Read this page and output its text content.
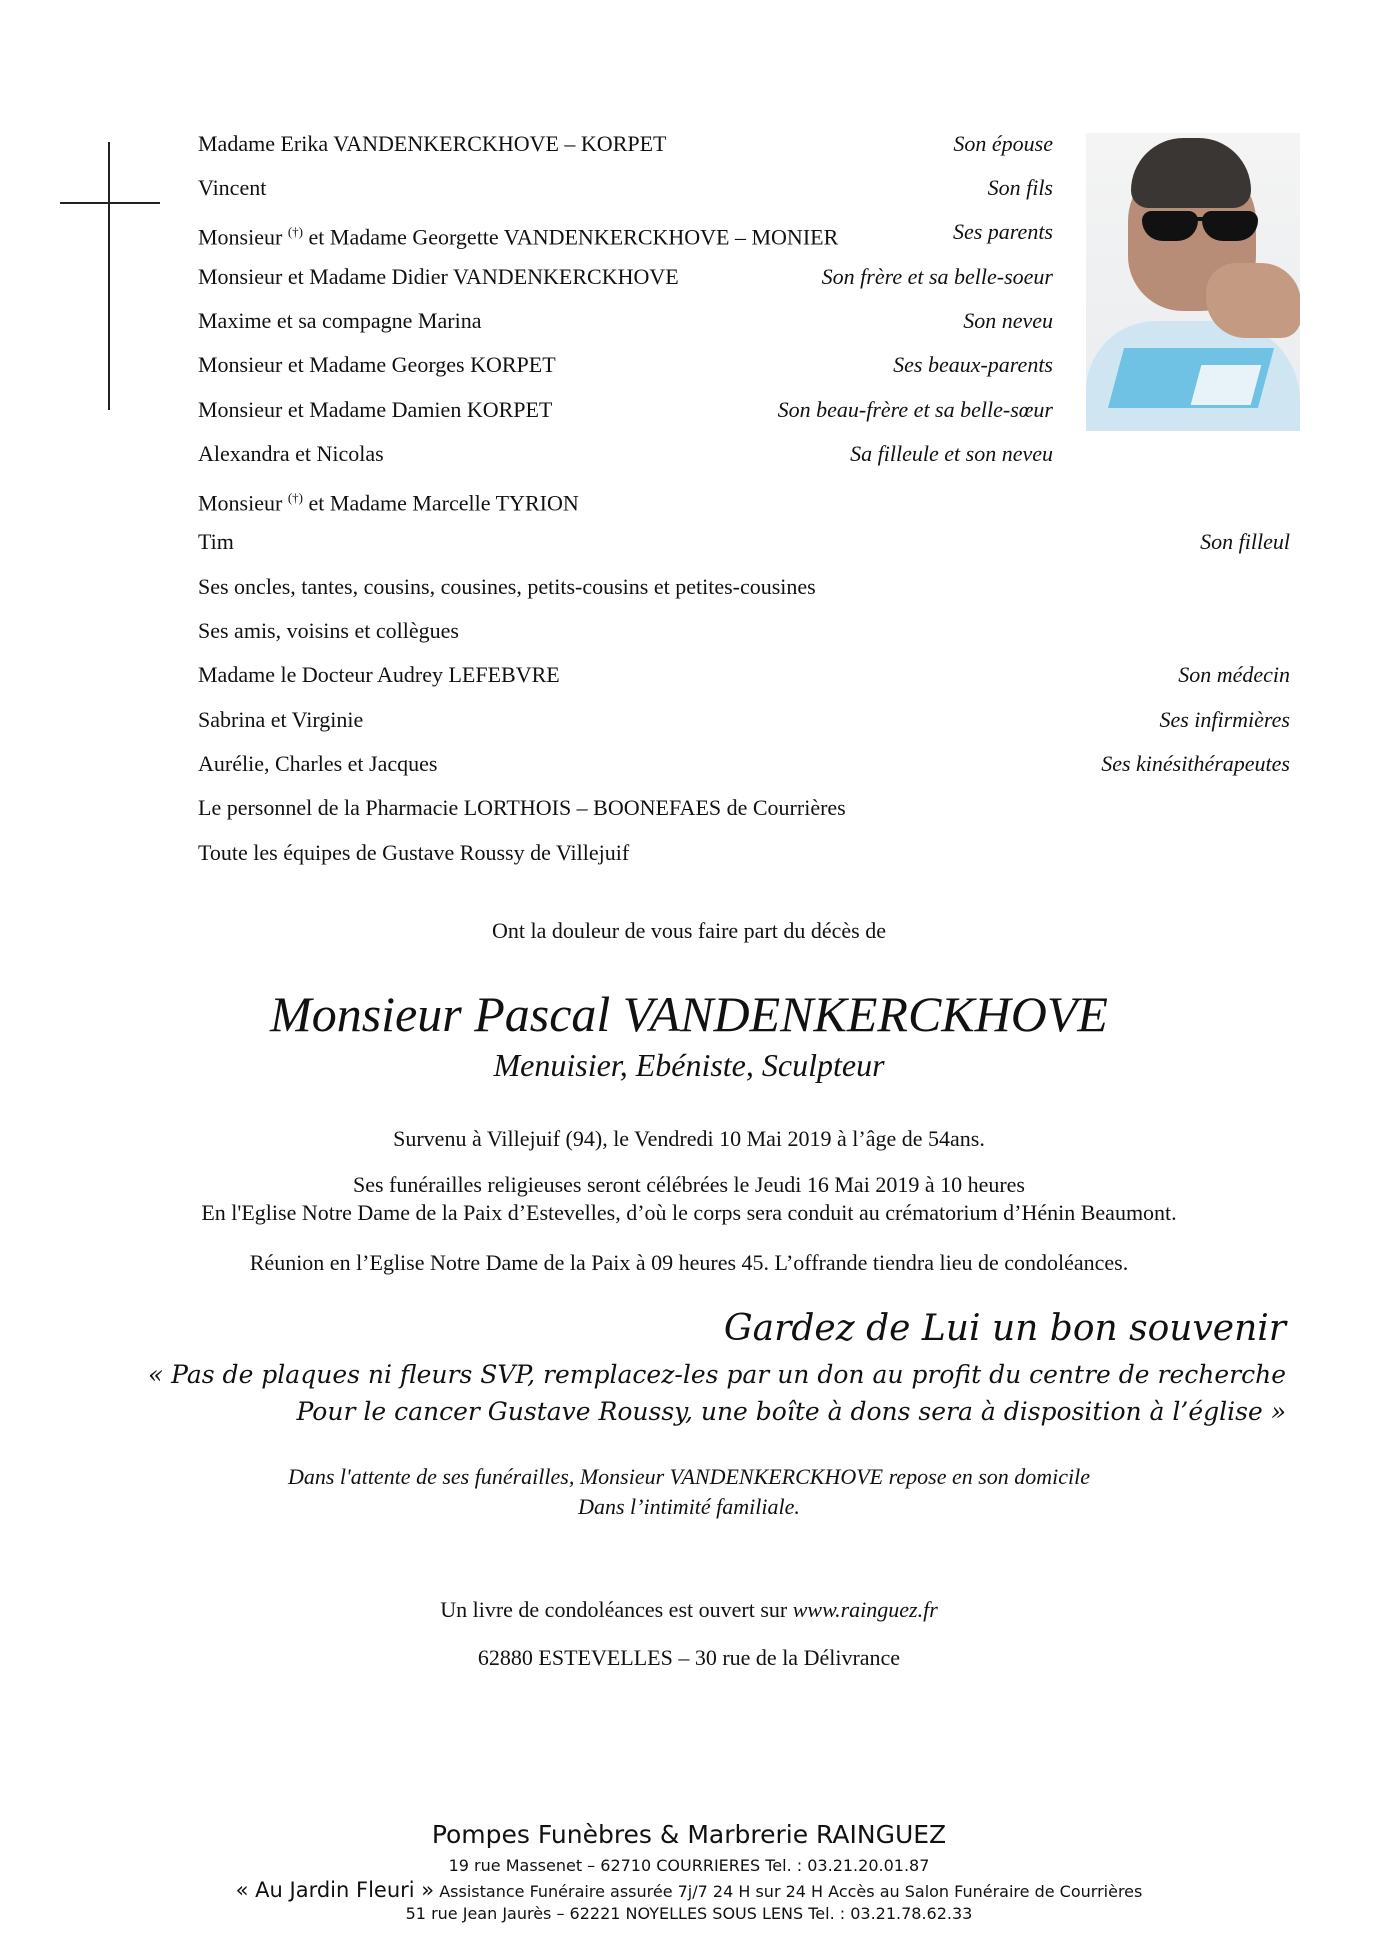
Madame Erika VANDENKERCKHOVE – KORPET	Son épouse
Vincent	Son fils
Monsieur (†) et Madame Georgette VANDENKERCKHOVE – MONIER	Ses parents
Monsieur et Madame Didier VANDENKERCKHOVE	Son frère et sa belle-soeur
Maxime et sa compagne Marina	Son neveu
Monsieur et Madame Georges KORPET	Ses beaux-parents
Monsieur et Madame Damien KORPET	Son beau-frère et sa belle-sœur
Alexandra et Nicolas	Sa filleule et son neveu
Monsieur (†) et Madame Marcelle TYRION
Tim	Son filleul
Ses oncles, tantes, cousins, cousines, petits-cousins et petites-cousines
Ses amis, voisins et collègues
Madame le Docteur Audrey LEFEBVRE	Son médecin
Sabrina et Virginie	Ses infirmières
Aurélie, Charles et Jacques	Ses kinésithérapeutes
Le personnel de la Pharmacie LORTHOIS – BOONEFAES de Courrières
Toute les équipes de Gustave Roussy de Villejuif
Ont la douleur de vous faire part du décès de
Monsieur Pascal VANDENKERCKHOVE
Menuisier, Ebéniste, Sculpteur
Survenu à Villejuif (94), le Vendredi 10 Mai 2019 à l’âge de 54ans.
Ses funérailles religieuses seront célébrées le Jeudi 16 Mai 2019 à 10 heures
En l'Eglise Notre Dame de la Paix d’Estevelles, d’où le corps sera conduit au crématorium d’Hénin Beaumont.
Réunion en l’Eglise Notre Dame de la Paix à 09 heures 45. L’offrande tiendra lieu de condoléances.
Gardez de Lui un bon souvenir
« Pas de plaques ni fleurs SVP, remplacez-les par un don au profit du centre de recherche
Pour le cancer Gustave Roussy, une boîte à dons sera à disposition à l’église »
Dans l'attente de ses funérailles, Monsieur VANDENKERCKHOVE repose en son domicile
Dans l’intimité familiale.
Un livre de condoléances est ouvert sur www.rainguez.fr
62880 ESTEVELLES – 30 rue de la Délivrance
Pompes Funèbres & Marbrerie RAINGUEZ
19 rue Massenet – 62710 COURRIERES Tel. : 03.21.20.01.87
« Au Jardin Fleuri » Assistance Funéraire assurée 7j/7 24 H sur 24 H Accès au Salon Funéraire de Courrières
51 rue Jean Jaurès – 62221 NOYELLES SOUS LENS Tel. : 03.21.78.62.33
